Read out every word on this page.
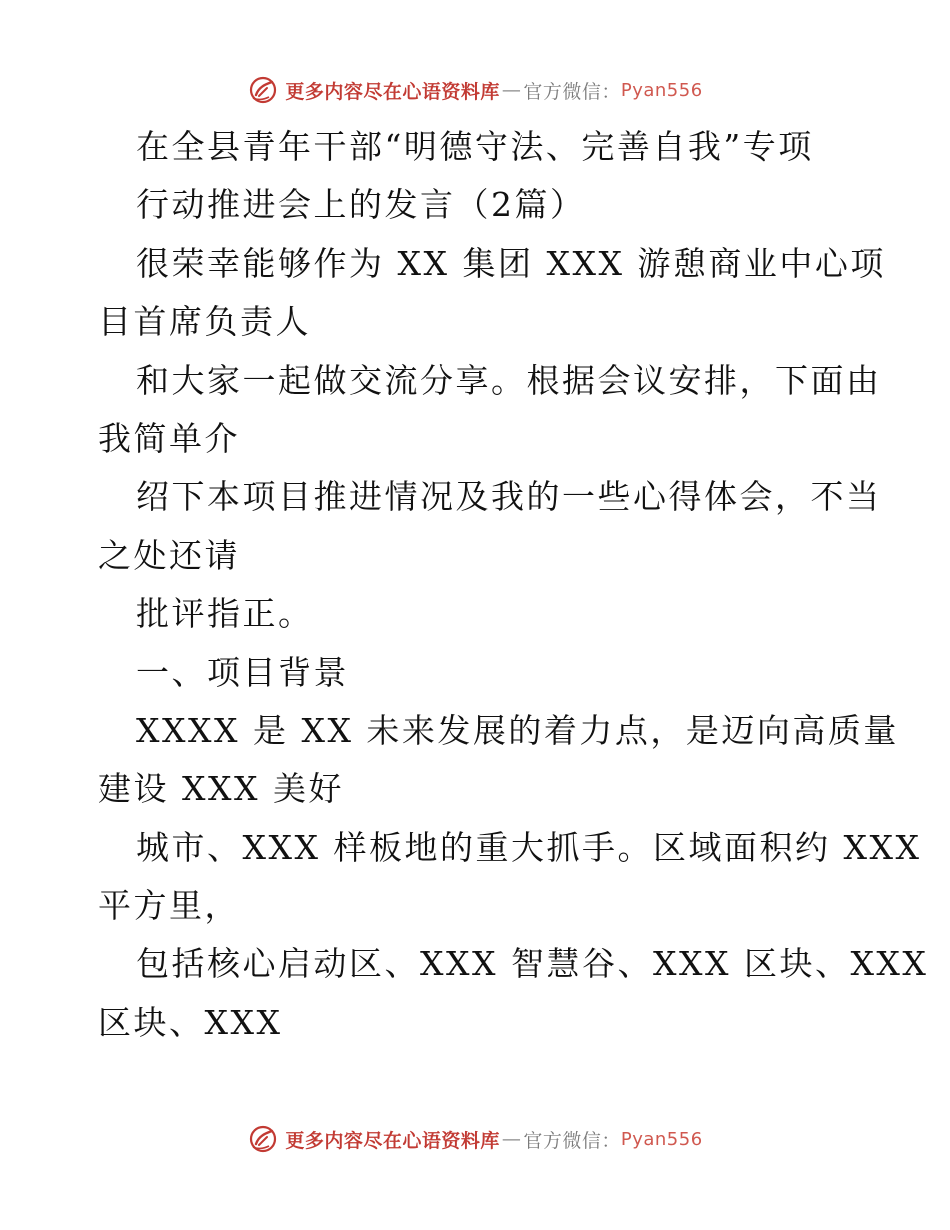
更多内容尽在心语资料库 — 官方微信： Pyan556
在全县青年干部“明德守法、完善自我”专项
行动推进会上的发言（2篇）
很荣幸能够作为 XX 集团 XXX 游憩商业中心项
目首席负责人
和大家一起做交流分享。根据会议安排，下面由
我简单介
绍下本项目推进情况及我的一些心得体会，不当
之处还请
批评指正。
一、项目背景
XXXX 是 XX 未来发展的着力点，是迈向高质量
建设 XXX 美好
城市、XXX 样板地的重大抓手。区域面积约 XXX
平方里，
包括核心启动区、XXX 智慧谷、XXX 区块、XXX
区块、XXX
更多内容尽在心语资料库 — 官方微信： Pyan556
